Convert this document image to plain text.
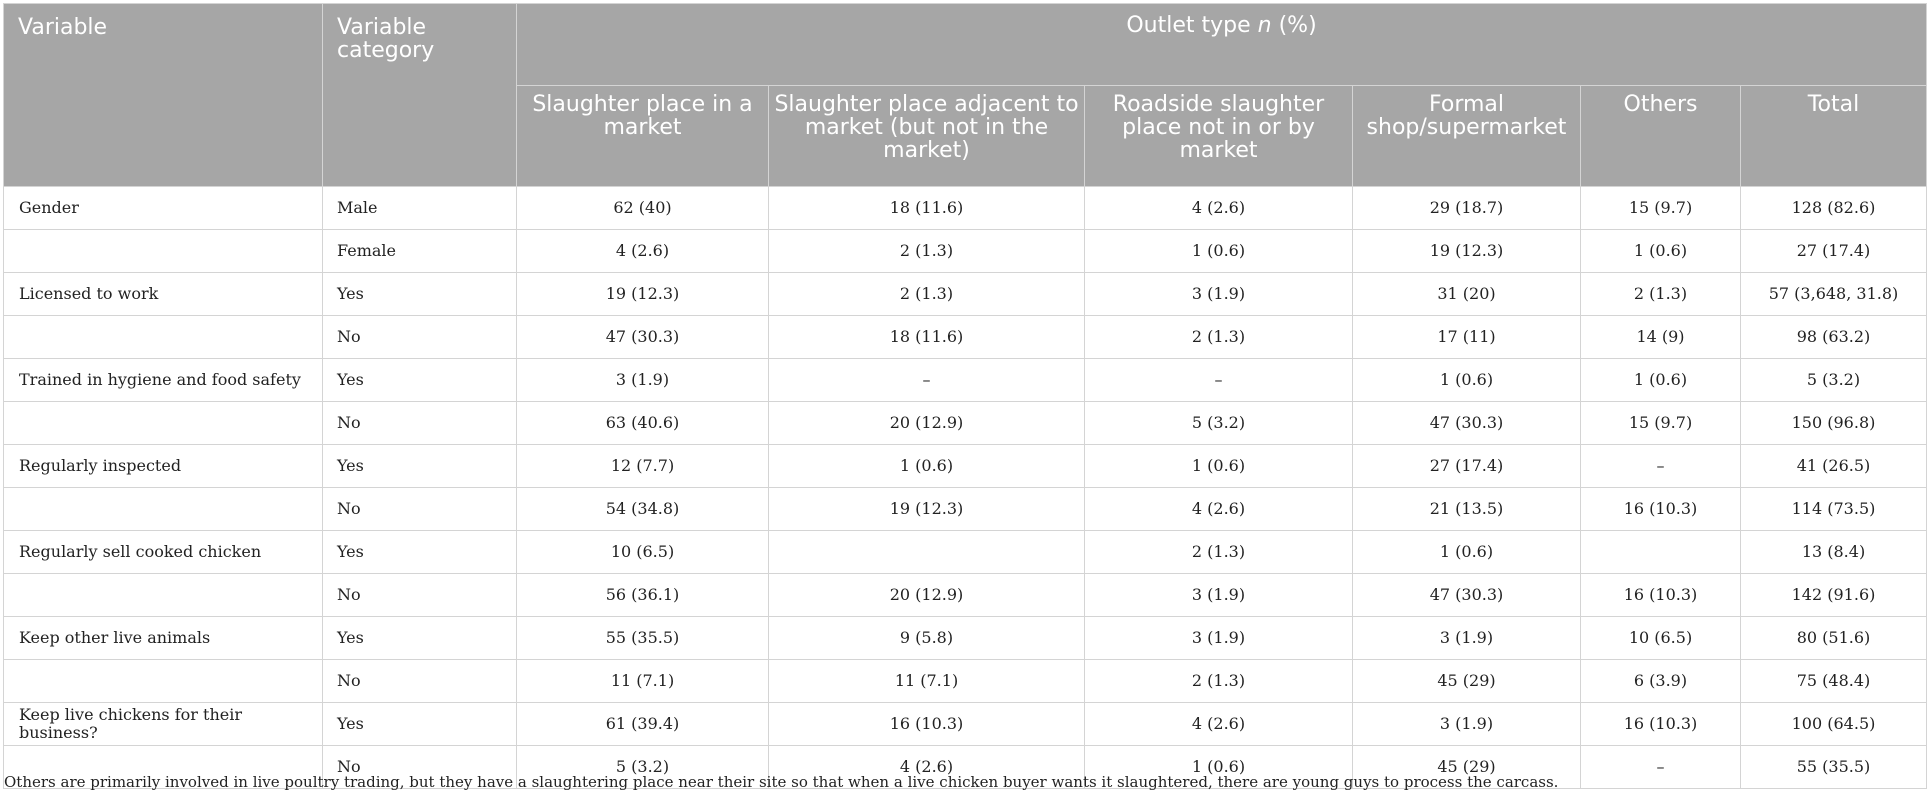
Variable	Variable category	Outlet type n (%)					
		Slaughter place in a market	Slaughter place adjacent to market (but not in the market)	Roadside slaughter place not in or by market	Formal shop/supermarket	Others	Total
Gender	Male	62 (40)	18 (11.6)	4 (2.6)	29 (18.7)	15 (9.7)	128 (82.6)
	Female	4 (2.6)	2 (1.3)	1 (0.6)	19 (12.3)	1 (0.6)	27 (17.4)
Licensed to work	Yes	19 (12.3)	2 (1.3)	3 (1.9)	31 (20)	2 (1.3)	57 (3,648, 31.8)
	No	47 (30.3)	18 (11.6)	2 (1.3)	17 (11)	14 (9)	98 (63.2)
Trained in hygiene and food safety	Yes	3 (1.9)	–	–	1 (0.6)	1 (0.6)	5 (3.2)
	No	63 (40.6)	20 (12.9)	5 (3.2)	47 (30.3)	15 (9.7)	150 (96.8)
Regularly inspected	Yes	12 (7.7)	1 (0.6)	1 (0.6)	27 (17.4)	–	41 (26.5)
	No	54 (34.8)	19 (12.3)	4 (2.6)	21 (13.5)	16 (10.3)	114 (73.5)
Regularly sell cooked chicken	Yes	10 (6.5)		2 (1.3)	1 (0.6)		13 (8.4)
	No	56 (36.1)	20 (12.9)	3 (1.9)	47 (30.3)	16 (10.3)	142 (91.6)
Keep other live animals	Yes	55 (35.5)	9 (5.8)	3 (1.9)	3 (1.9)	10 (6.5)	80 (51.6)
	No	11 (7.1)	11 (7.1)	2 (1.3)	45 (29)	6 (3.9)	75 (48.4)
Keep live chickens for their business?	Yes	61 (39.4)	16 (10.3)	4 (2.6)	3 (1.9)	16 (10.3)	100 (64.5)
	No	5 (3.2)	4 (2.6)	1 (0.6)	45 (29)	–	55 (35.5)
Others are primarily involved in live poultry trading, but they have a slaughtering place near their site so that when a live chicken buyer wants it slaughtered, there are young guys to process the carcass.
